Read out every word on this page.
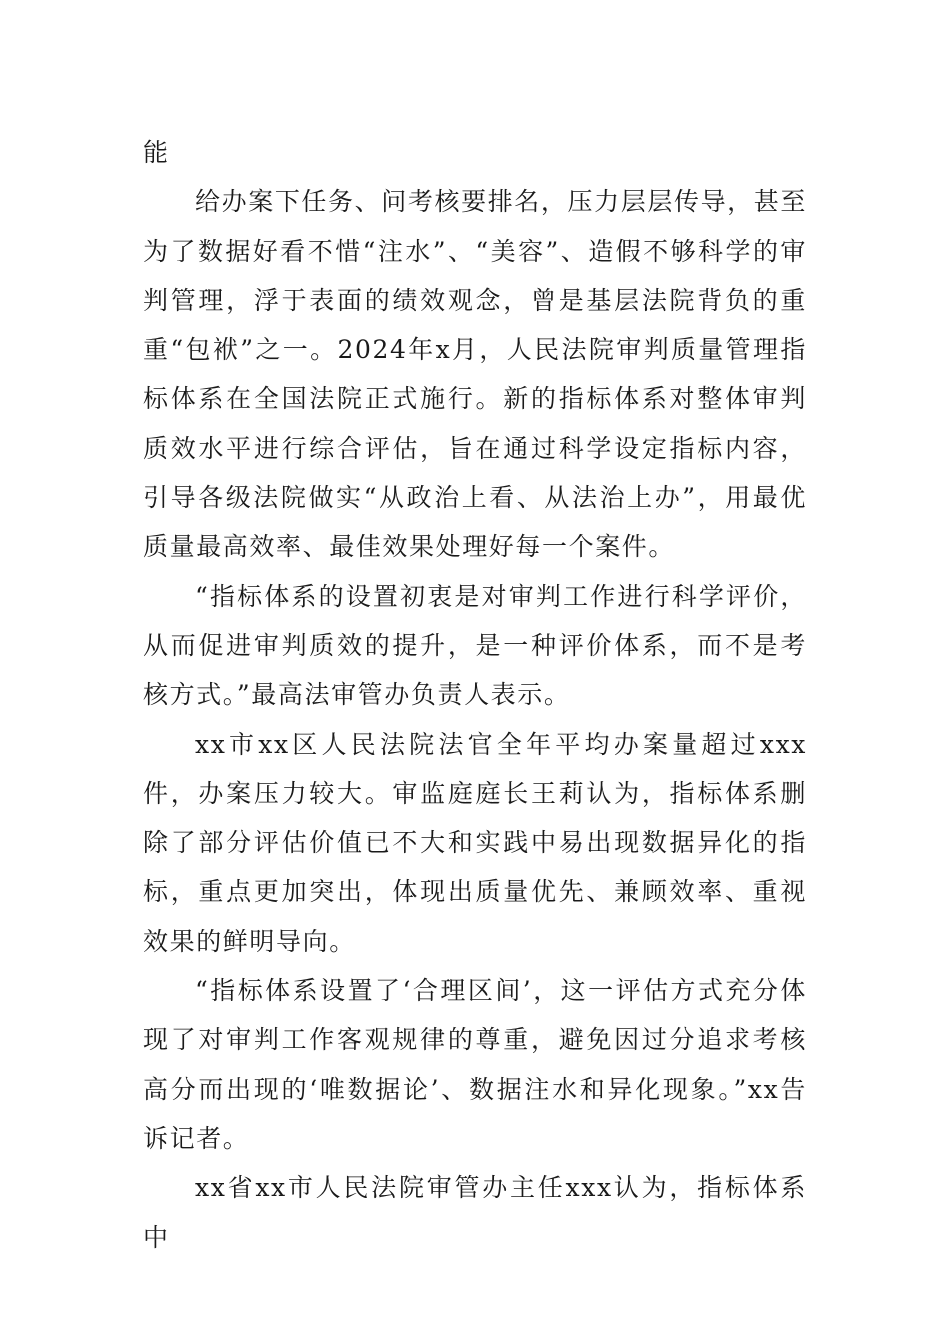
能

给办案下任务、问考核要排名，压力层层传导，甚至为了数据好看不惜“注水”、“美容”、造假不够科学的审判管理，浮于表面的绩效观念，曾是基层法院背负的重重“包袱”之一。2024年x月，人民法院审判质量管理指标体系在全国法院正式施行。新的指标体系对整体审判质效水平进行综合评估，旨在通过科学设定指标内容，引导各级法院做实“从政治上看、从法治上办”，用最优质量最高效率、最佳效果处理好每一个案件。

“指标体系的设置初衷是对审判工作进行科学评价，从而促进审判质效的提升，是一种评价体系，而不是考核方式。”最高法审管办负责人表示。

xx市xx区人民法院法官全年平均办案量超过xxx件，办案压力较大。审监庭庭长王莉认为，指标体系删除了部分评估价值已不大和实践中易出现数据异化的指标，重点更加突出，体现出质量优先、兼顾效率、重视效果的鲜明导向。

“指标体系设置了‘合理区间’，这一评估方式充分体现了对审判工作客观规律的尊重，避免因过分追求考核高分而出现的‘唯数据论’、数据注水和异化现象。”xx告诉记者。

xx省xx市人民法院审管办主任xxx认为，指标体系中
